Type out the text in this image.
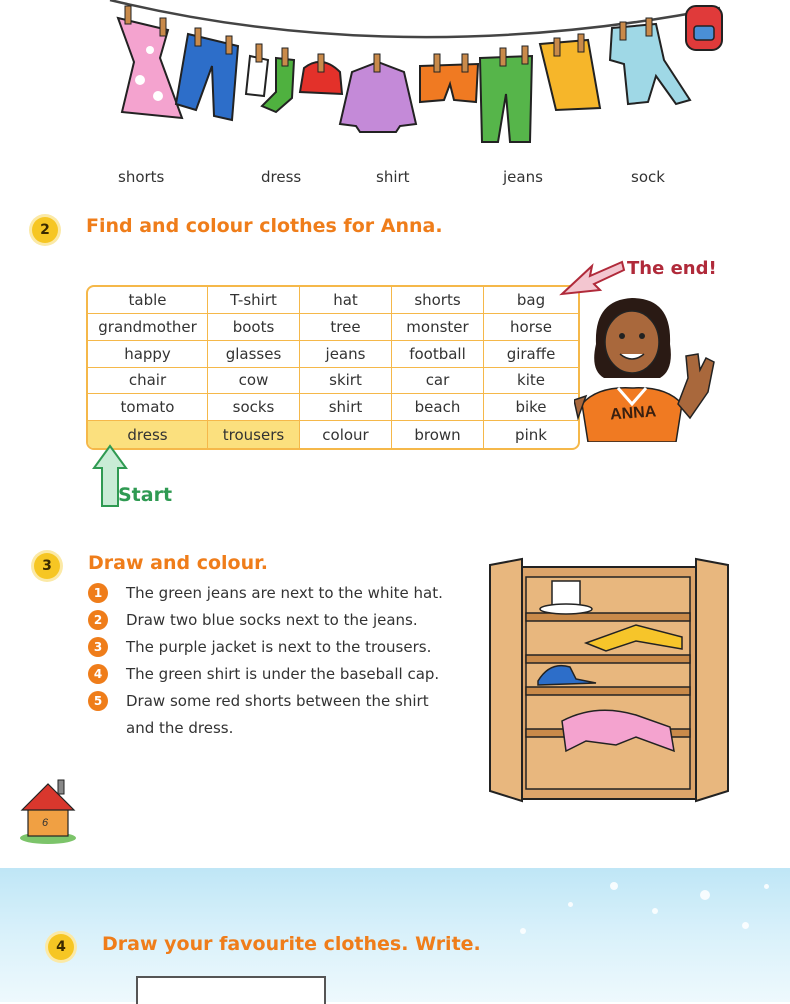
shorts	dress	shirt	jeans	sock
2	Find and colour clothes for Anna.
table	T-shirt	hat	shorts	bag
grandmother	boots	tree	monster	horse
happy	glasses	jeans	football	giraffe
chair	cow	skirt	car	kite
tomato	socks	shirt	beach	bike
dress	trousers	colour	brown	pink
Start
The end!
ANNA
3	Draw and colour.
1	The green jeans are next to the white hat.
2	Draw two blue socks next to the jeans.
3	The purple jacket is next to the trousers.
4	The green shirt is under the baseball cap.
5	Draw some red shorts between the shirt
and the dress.
6
4	Draw your favourite clothes. Write.
